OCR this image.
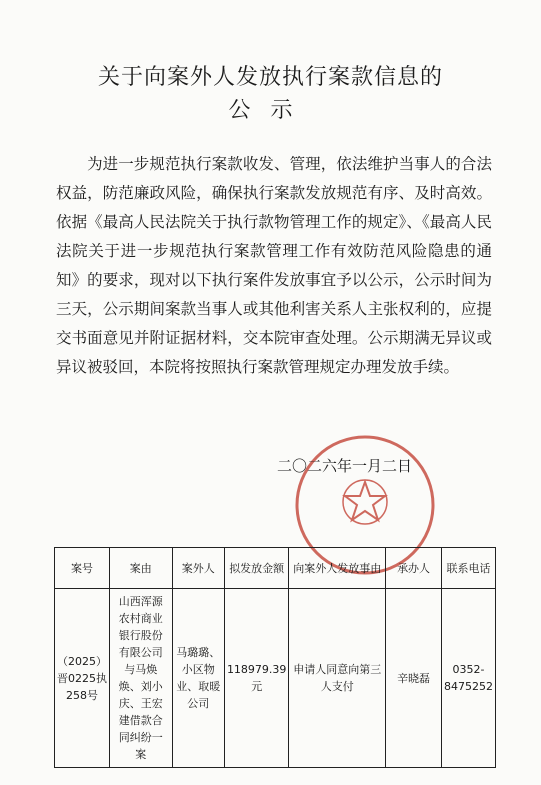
关于向案外人发放执行案款信息的
公示

  为进一步规范执行案款收发、管理，依法维护当事人的合法权益，防范廉政风险，确保执行案款发放规范有序、及时高效。依据《最高人民法院关于执行款物管理工作的规定》、《最高人民法院关于进一步规范执行案款管理工作有效防范风险隐患的通知》的要求，现对以下执行案件发放事宜予以公示，公示时间为三天，公示期间案款当事人或其他利害关系人主张权利的，应提交书面意见并附证据材料，交本院审查处理。公示期满无异议或异议被驳回，本院将按照执行案款管理规定办理发放手续。

二〇二六年一月二日
案号	案由	案外人	拟发放金额	向案外人发放事由	承办人	联系电话
（2025）晋0225执258号	山西浑源农村商业银行股份有限公司与马焕焕、刘小庆、王宏建借款合同纠纷一案	马璐璐、小区物业、取暖公司	118979.39元	申请人同意向第三人支付	辛晓磊	0352-8475252
